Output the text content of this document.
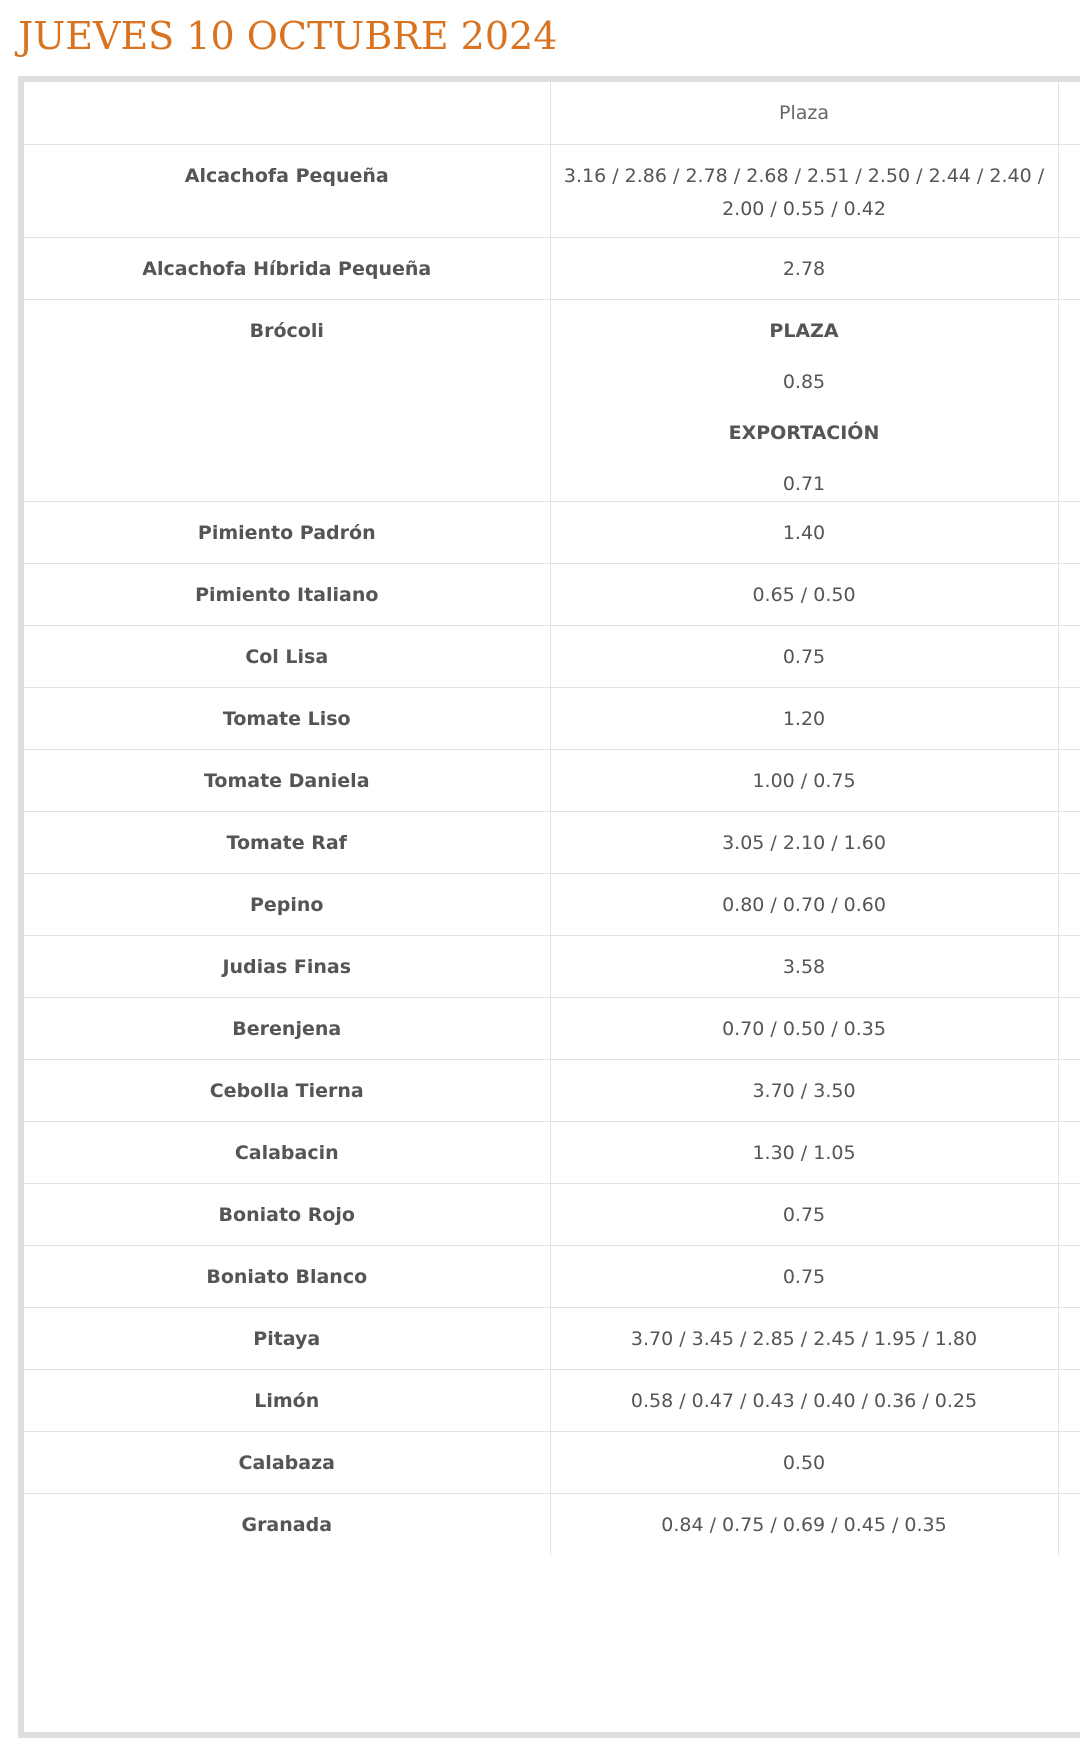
JUEVES 10 OCTUBRE 2024
	Plaza	
Alcachofa Pequeña	3.16 / 2.86 / 2.78 / 2.68 / 2.51 / 2.50 / 2.44 / 2.40 / 2.00 / 0.55 / 0.42	
Alcachofa Híbrida Pequeña	2.78	
Brócoli	PLAZA
0.85
EXPORTACIÓN
0.71	

Pimiento Padrón	1.40	
Pimiento Italiano	0.65 / 0.50	
Col Lisa	0.75	
Tomate Liso	1.20	
Tomate Daniela	1.00 / 0.75	
Tomate Raf	3.05 / 2.10 / 1.60	
Pepino	0.80 / 0.70 / 0.60	
Judias Finas	3.58	
Berenjena	0.70 / 0.50 / 0.35	
Cebolla Tierna	3.70 / 3.50	
Calabacin	1.30 / 1.05	
Boniato Rojo	0.75	
Boniato Blanco	0.75	
Pitaya	3.70 / 3.45 / 2.85 / 2.45 / 1.95 / 1.80	
Limón	0.58 / 0.47 / 0.43 / 0.40 / 0.36 / 0.25	
Calabaza	0.50	
Granada	0.84 / 0.75 / 0.69 / 0.45 / 0.35	
